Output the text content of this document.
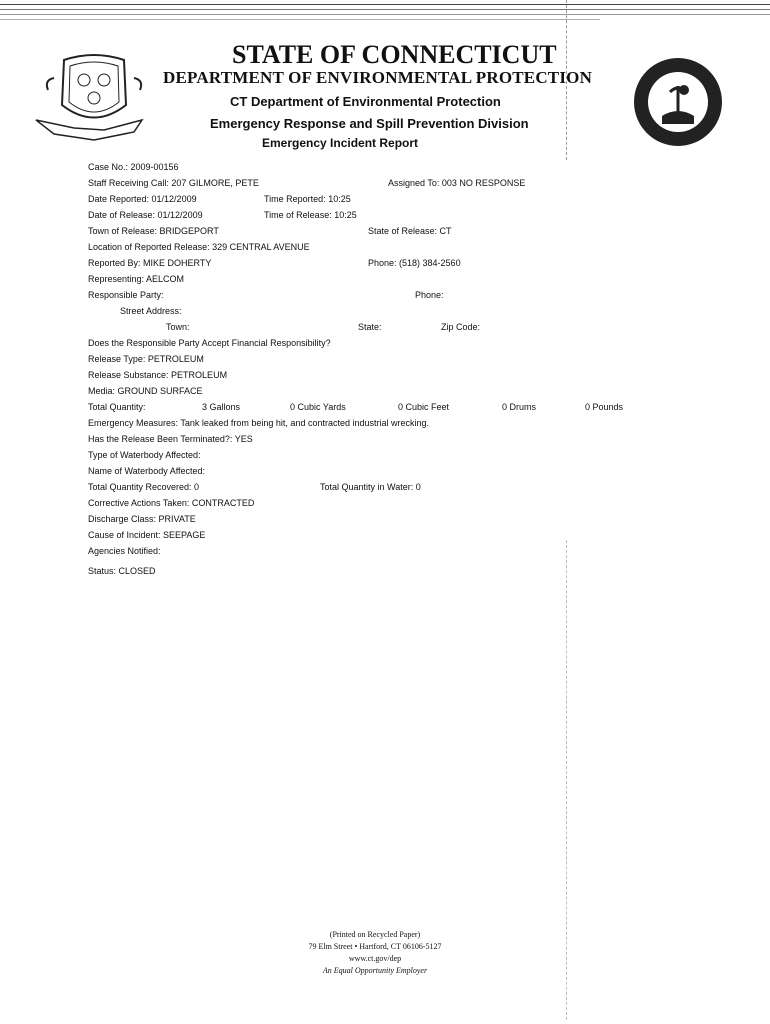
STATE OF CONNECTICUT
DEPARTMENT OF ENVIRONMENTAL PROTECTION
CT Department of Environmental Protection
Emergency Response and Spill Prevention Division
Emergency Incident Report
Case No.: 2009-00156
Staff Receiving Call: 207 GILMORE, PETE	Assigned To: 003 NO RESPONSE
Date Reported: 01/12/2009	Time Reported: 10:25
Date of Release: 01/12/2009	Time of Release: 10:25
Town of Release: BRIDGEPORT	State of Release: CT
Location of Reported Release: 329 CENTRAL AVENUE
Reported By: MIKE DOHERTY	Phone: (518) 384-2560
Representing: AELCOM
Responsible Party:	Phone:
Street Address:
Town:	State:	Zip Code:
Does the Responsible Party Accept Financial Responsibility?
Release Type: PETROLEUM
Release Substance: PETROLEUM
Media: GROUND SURFACE
Total Quantity:	3 Gallons	0 Cubic Yards	0 Cubic Feet	0 Drums	0 Pounds
Emergency Measures: Tank leaked from being hit, and contracted industrial wrecking.
Has the Release Been Terminated?: YES
Type of Waterbody Affected:
Name of Waterbody Affected:
Total Quantity Recovered: 0	Total Quantity in Water: 0
Corrective Actions Taken: CONTRACTED
Discharge Class: PRIVATE
Cause of Incident: SEEPAGE
Agencies Notified:
Status: CLOSED
(Printed on Recycled Paper)
79 Elm Street • Hartford, CT 06106-5127
www.ct.gov/dep
An Equal Opportunity Employer
